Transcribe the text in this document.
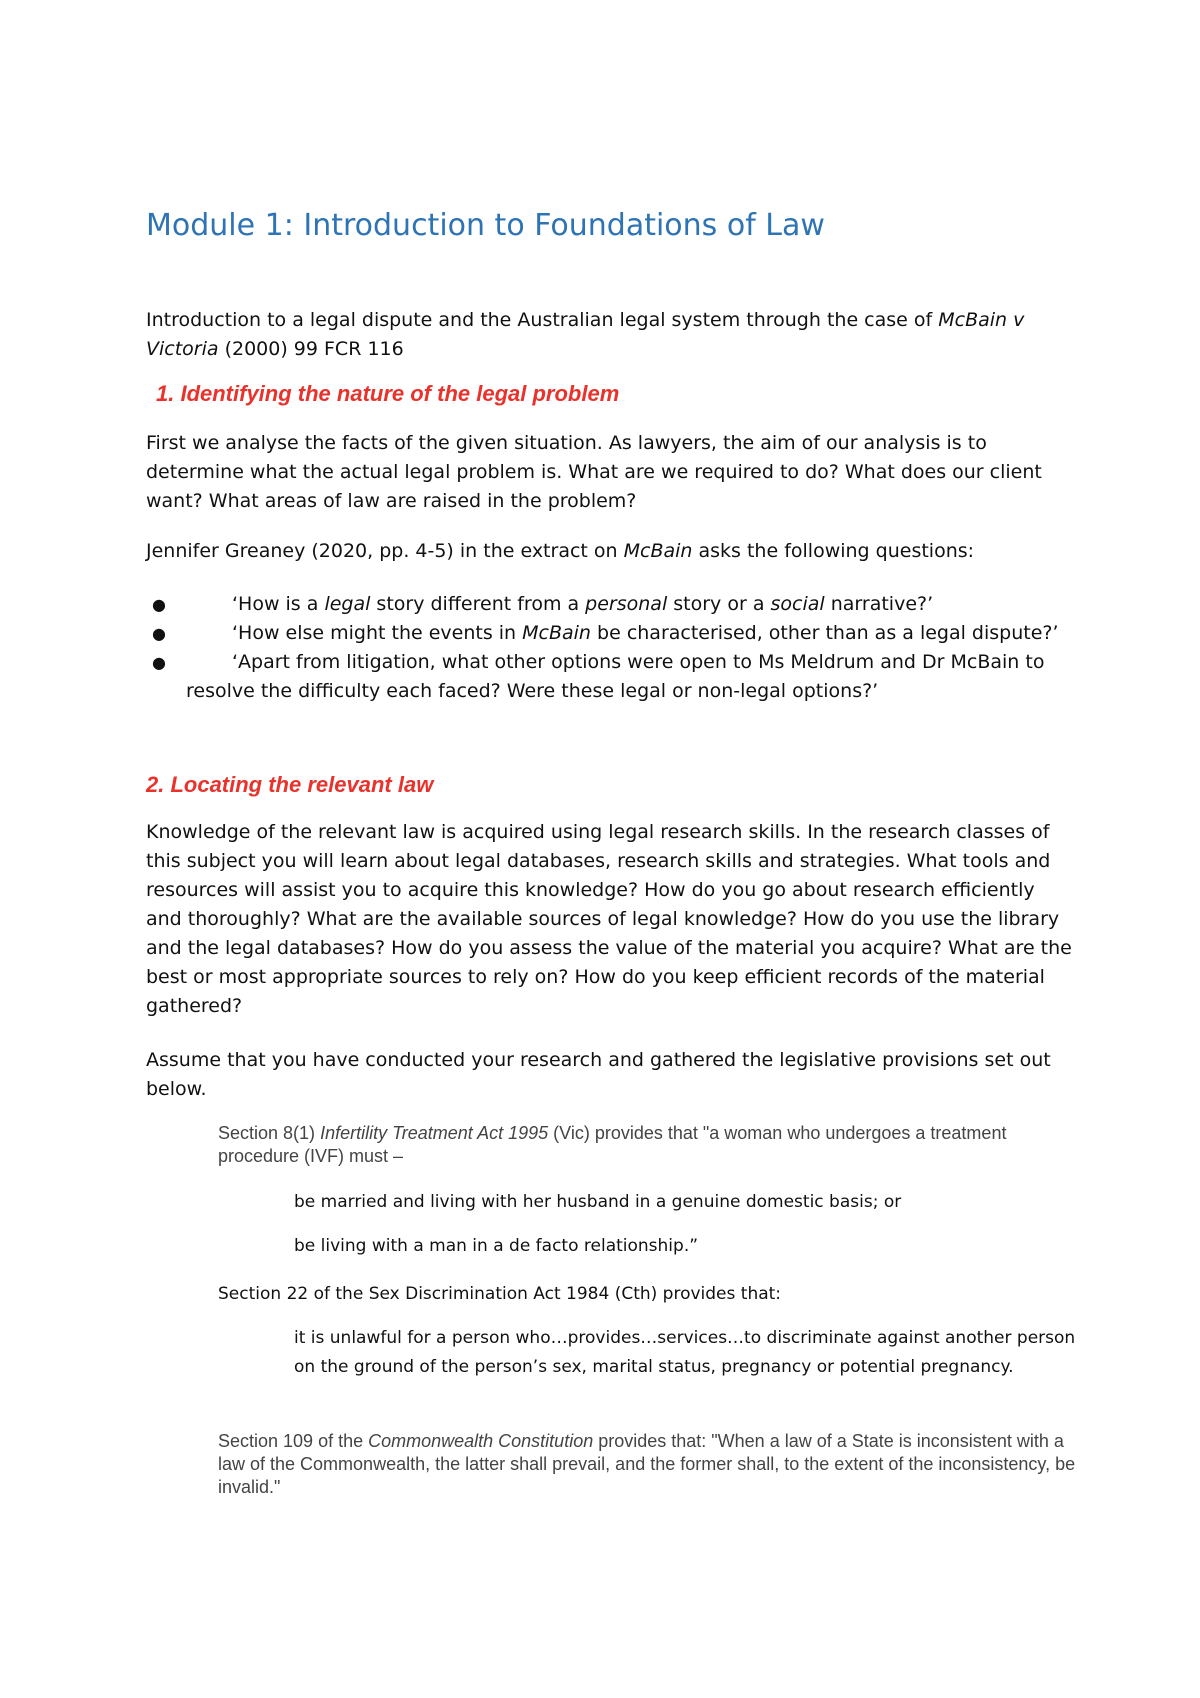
Module 1: Introduction to Foundations of Law

Introduction to a legal dispute and the Australian legal system through the case of McBain v Victoria (2000) 99 FCR 116

1. Identifying the nature of the legal problem

First we analyse the facts of the given situation. As lawyers, the aim of our analysis is to determine what the actual legal problem is. What are we required to do? What does our client want? What areas of law are raised in the problem?

Jennifer Greaney (2020, pp. 4-5) in the extract on McBain asks the following questions:

●	‘How is a legal story different from a personal story or a social narrative?’
●	‘How else might the events in McBain be characterised, other than as a legal dispute?’
●	‘Apart from litigation, what other options were open to Ms Meldrum and Dr McBain to resolve the difficulty each faced? Were these legal or non-legal options?’
2. Locating the relevant law

Knowledge of the relevant law is acquired using legal research skills. In the research classes of this subject you will learn about legal databases, research skills and strategies. What tools and resources will assist you to acquire this knowledge? How do you go about research efficiently and thoroughly? What are the available sources of legal knowledge? How do you use the library and the legal databases? How do you assess the value of the material you acquire? What are the best or most appropriate sources to rely on? How do you keep efficient records of the material gathered?

Assume that you have conducted your research and gathered the legislative provisions set out below.

Section 8(1) Infertility Treatment Act 1995 (Vic) provides that "a woman who undergoes a treatment procedure (IVF) must –

be married and living with her husband in a genuine domestic basis; or

be living with a man in a de facto relationship.”

Section 22 of the Sex Discrimination Act 1984 (Cth) provides that:

it is unlawful for a person who…provides…services…to discriminate against another person on the ground of the person’s sex, marital status, pregnancy or potential pregnancy.

Section 109 of the Commonwealth Constitution provides that: "When a law of a State is inconsistent with a law of the Commonwealth, the latter shall prevail, and the former shall, to the extent of the inconsistency, be invalid."
